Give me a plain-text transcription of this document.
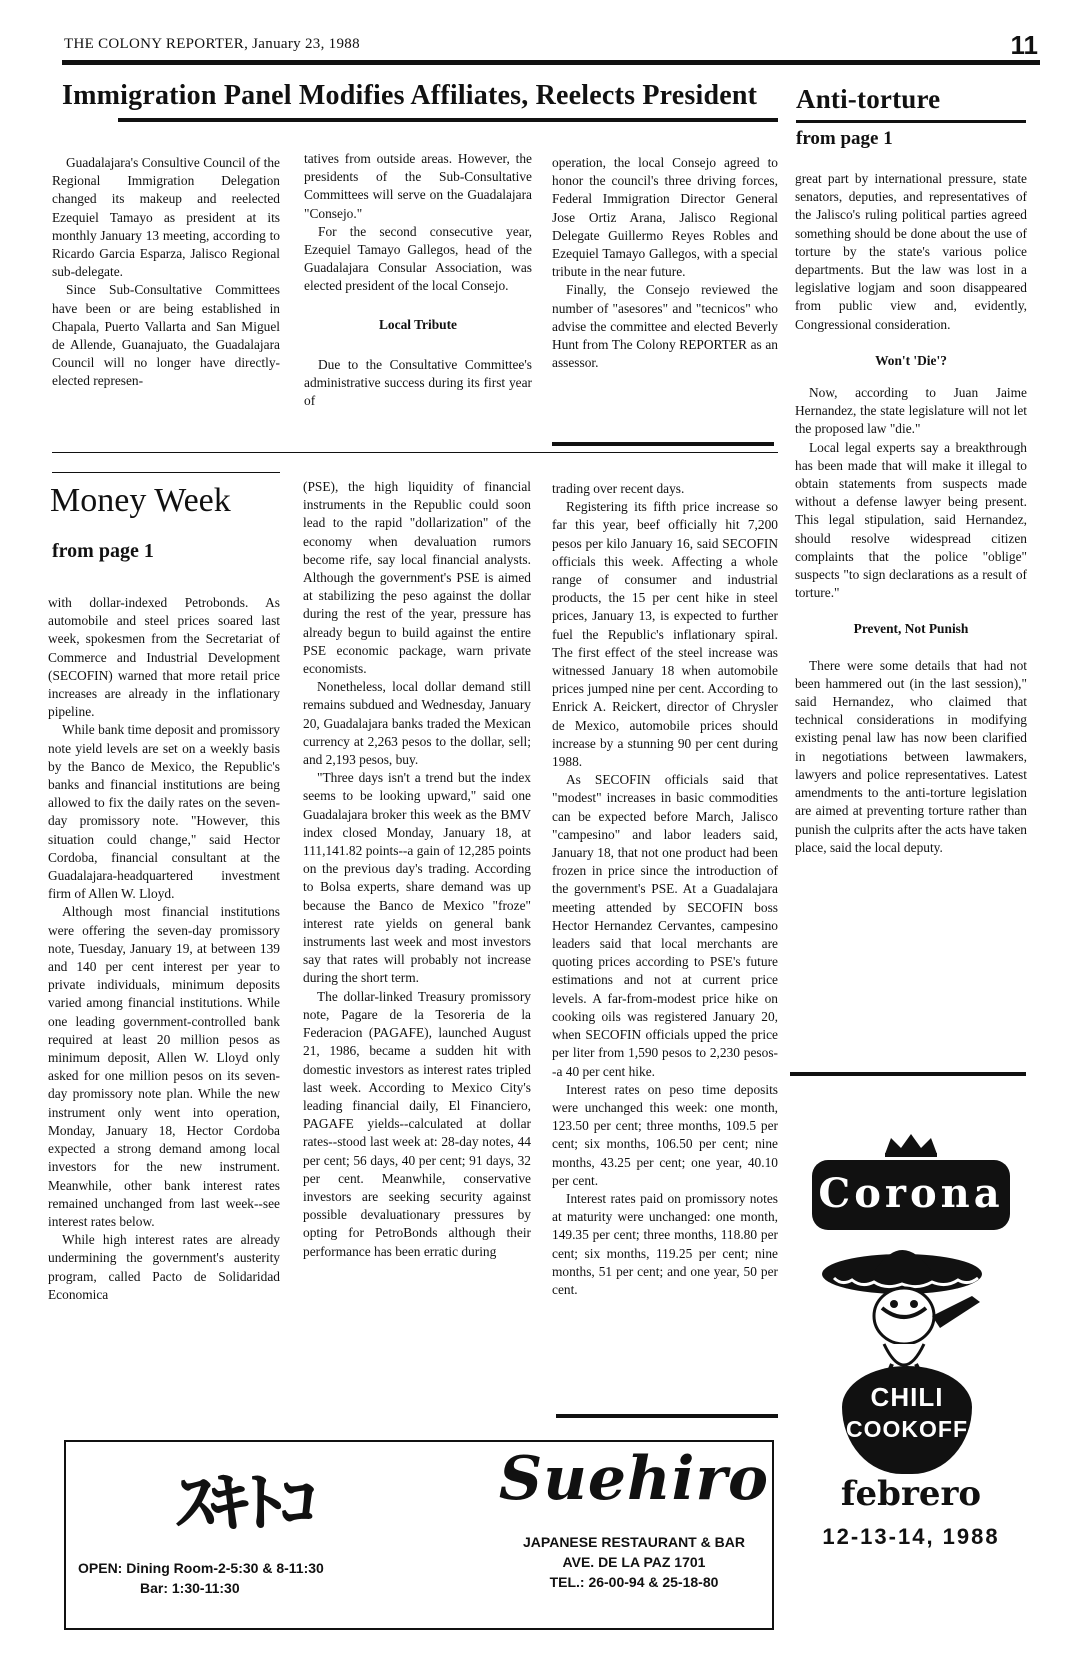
THE COLONY REPORTER, January 23, 1988	11
Immigration Panel Modifies Affiliates, Reelects President

Guadalajara's Consultive Council of the Regional Immigration Delegation changed its makeup and reelected Ezequiel Tamayo as president at its monthly January 13 meeting, according to Ricardo Garcia Esparza, Jalisco Regional sub-delegate.

Since Sub-Consultative Committees have been or are being established in Chapala, Puerto Vallarta and San Miguel de Allende, Guanajuato, the Guadalajara Council will no longer have directly-elected represen-

tatives from outside areas. However, the presidents of the Sub-Consultative Committees will serve on the Guadalajara "Consejo."

For the second consecutive year, Ezequiel Tamayo Gallegos, head of the Guadalajara Consular Association, was elected president of the local Consejo.

Local Tribute

Due to the Consultative Committee's administrative success during its first year of

operation, the local Consejo agreed to honor the council's three driving forces, Federal Immigration Director General Jose Ortiz Arana, Jalisco Regional Delegate Guillermo Reyes Robles and Ezequiel Tamayo Gallegos, with a special tribute in the near future.

Finally, the Consejo reviewed the number of "asesores" and "tecnicos" who advise the committee and elected Beverly Hunt from The Colony REPORTER as an assessor.

Anti-torture
from page 1

great part by international pressure, state senators, deputies, and representatives of the Jalisco's ruling political parties agreed something should be done about the use of torture by the state's various police departments. But the law was lost in a legislative logjam and soon disappeared from public view and, evidently, Congressional consideration.

Won't 'Die'?

Now, according to Juan Jaime Hernandez, the state legislature will not let the proposed law "die."

Local legal experts say a breakthrough has been made that will make it illegal to obtain statements from suspects made without a defense lawyer being present. This legal stipulation, said Hernandez, should resolve widespread citizen complaints that the police "oblige" suspects "to sign declarations as a result of torture."

Prevent, Not Punish

There were some details that had not been hammered out (in the last session)," said Hernandez, who claimed that technical considerations in modifying existing penal law has now been clarified in negotiations between lawmakers, lawyers and police representatives. Latest amendments to the anti-torture legislation are aimed at preventing torture rather than punish the culprits after the acts have taken place, said the local deputy.

Money Week
from page 1

with dollar-indexed Petrobonds. As automobile and steel prices soared last week, spokesmen from the Secretariat of Commerce and Industrial Development (SECOFIN) warned that more retail price increases are already in the inflationary pipeline.

While bank time deposit and promissory note yield levels are set on a weekly basis by the Banco de Mexico, the Republic's banks and financial institutions are being allowed to fix the daily rates on the seven-day promissory note. "However, this situation could change," said Hector Cordoba, financial consultant at the Guadalajara-headquartered investment firm of Allen W. Lloyd.

Although most financial institutions were offering the seven-day promissory note, Tuesday, January 19, at between 139 and 140 per cent interest per year to private individuals, minimum deposits varied among financial institutions. While one leading government-controlled bank required at least 20 million pesos as minimum deposit, Allen W. Lloyd only asked for one million pesos on its seven-day promissory note plan. While the new instrument only went into operation, Monday, January 18, Hector Cordoba expected a strong demand among local investors for the new instrument. Meanwhile, other bank interest rates remained unchanged from last week--see interest rates below.

While high interest rates are already undermining the government's austerity program, called Pacto de Solidaridad Economica

(PSE), the high liquidity of financial instruments in the Republic could soon lead to the rapid "dollarization" of the economy when devaluation rumors become rife, say local financial analysts. Although the government's PSE is aimed at stabilizing the peso against the dollar during the rest of the year, pressure has already begun to build against the entire PSE economic package, warn private economists.

Nonetheless, local dollar demand still remains subdued and Wednesday, January 20, Guadalajara banks traded the Mexican currency at 2,263 pesos to the dollar, sell; and 2,193 pesos, buy.

"Three days isn't a trend but the index seems to be looking upward," said one Guadalajara broker this week as the BMV index closed Monday, January 18, at 111,141.82 points--a gain of 12,285 points on the previous day's trading. According to Bolsa experts, share demand was up because the Banco de Mexico "froze" interest rate yields on general bank instruments last week and most investors say that rates will probably not increase during the short term.

The dollar-linked Treasury promissory note, Pagare de la Tesoreria de la Federacion (PAGAFE), launched August 21, 1986, became a sudden hit with domestic investors as interest rates tripled last week. According to Mexico City's leading financial daily, El Financiero, PAGAFE yields--calculated at dollar rates--stood last week at: 28-day notes, 44 per cent; 56 days, 40 per cent; 91 days, 32 per cent. Meanwhile, conservative investors are seeking security against possible devaluationary pressures by opting for PetroBonds although their performance has been erratic during

trading over recent days.

Registering its fifth price increase so far this year, beef officially hit 7,200 pesos per kilo January 16, said SECOFIN officials this week. Affecting a whole range of consumer and industrial products, the 15 per cent hike in steel prices, January 13, is expected to further fuel the Republic's inflationary spiral. The first effect of the steel increase was witnessed January 18 when automobile prices jumped nine per cent. According to Enrick A. Reickert, director of Chrysler de Mexico, automobile prices should increase by a stunning 90 per cent during 1988.

As SECOFIN officials said that "modest" increases in basic commodities can be expected before March, Jalisco "campesino" and labor leaders said, January 18, that not one product had been frozen in price since the introduction of the government's PSE. At a Guadalajara meeting attended by SECOFIN boss Hector Hernandez Cervantes, campesino leaders said that local merchants are quoting prices according to PSE's future estimations and not at current price levels. A far-from-modest price hike on cooking oils was registered January 20, when SECOFIN officials upped the price per liter from 1,590 pesos to 2,230 pesos--a 40 per cent hike.

Interest rates on peso time deposits were unchanged this week: one month, 123.50 per cent; three months, 109.5 per cent; six months, 106.50 per cent; nine months, 43.25 per cent; one year, 40.10 per cent.

Interest rates paid on promissory notes at maturity were unchanged: one month, 149.35 per cent; three months, 118.80 per cent; six months, 119.25 per cent; nine months, 51 per cent; and one year, 50 per cent.

Corona
CHILI
COOKOFF
febrero
12-13-14, 1988
ｽｷﾄｺ
OPEN: Dining Room-2-5:30 & 8-11:30
Bar: 1:30-11:30
Suehiro
JAPANESE RESTAURANT & BAR
AVE. DE LA PAZ 1701
TEL.: 26-00-94 & 25-18-80
